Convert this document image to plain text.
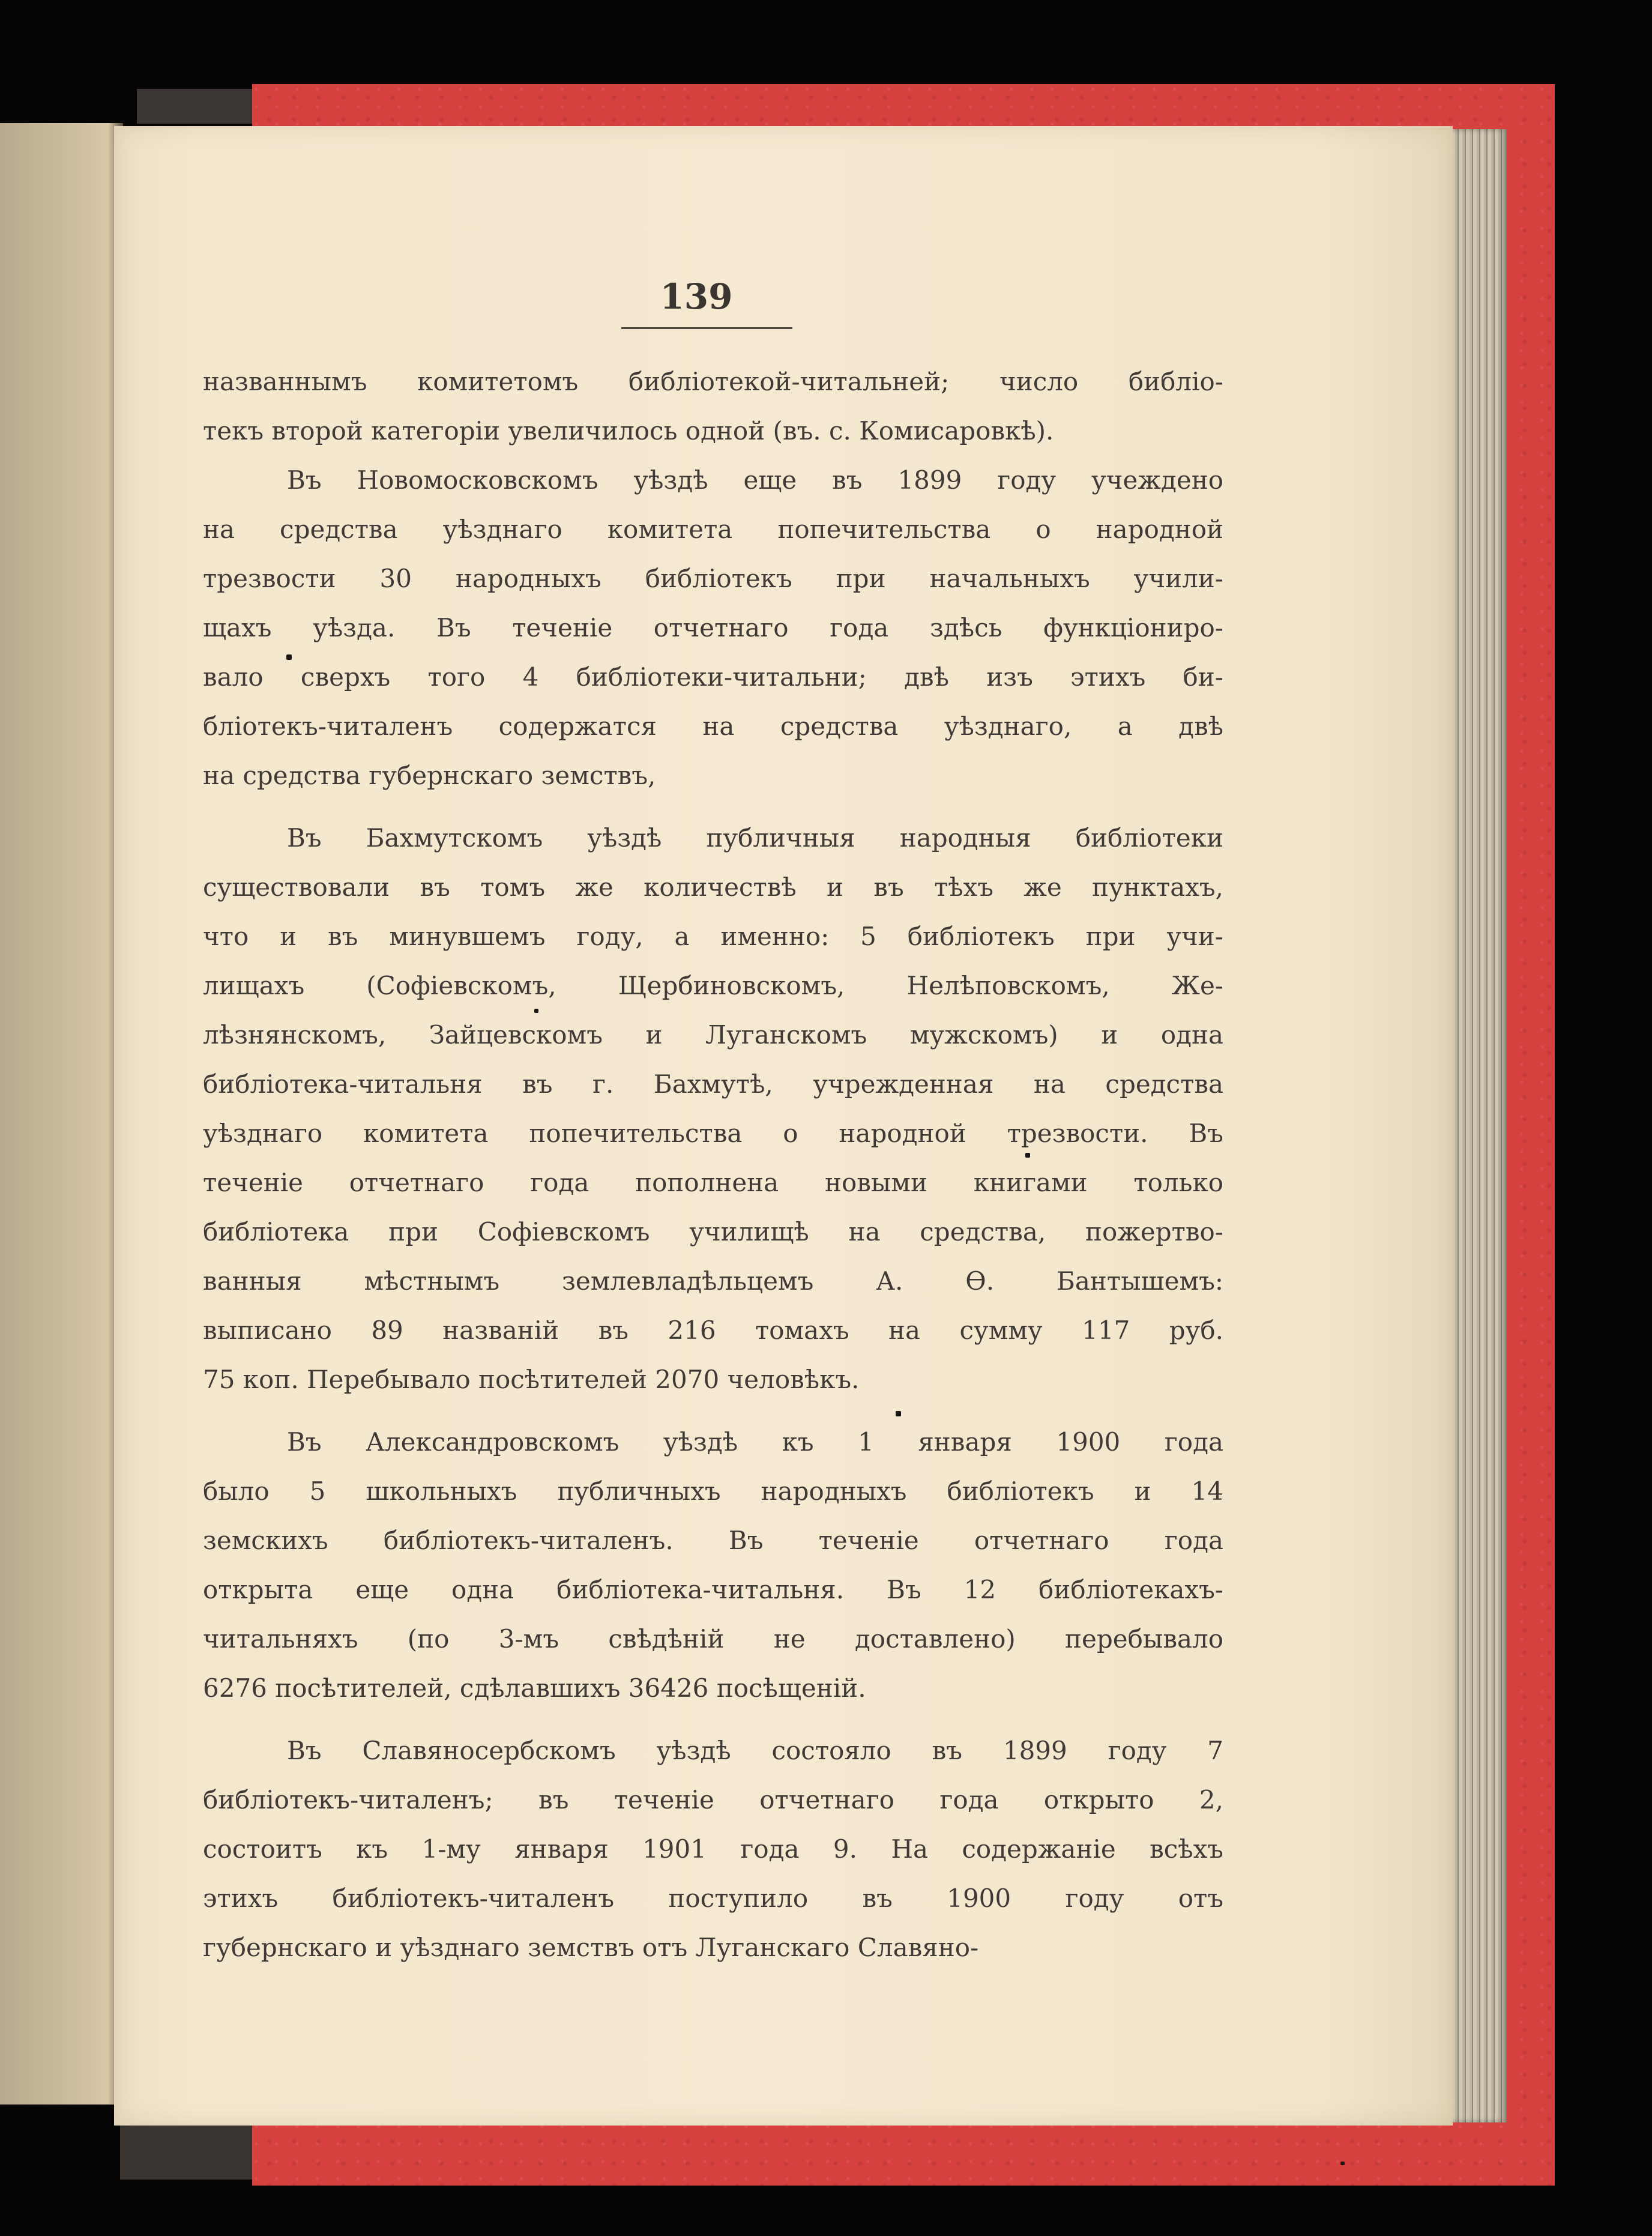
139
названнымъ комитетомъ библіотекой-читальней; число библіо-
текъ второй категоріи увеличилось одной (въ. с. Комисаровкѣ).
Въ Новомосковскомъ уѣздѣ еще въ 1899 году учеждено
на средства уѣзднаго комитета попечительства о народной
трезвости 30 народныхъ библіотекъ при начальныхъ учили-
щахъ уѣзда. Въ теченіе отчетнаго года здѣсь функціониро-
вало сверхъ того 4 библіотеки-читальни; двѣ изъ этихъ би-
бліотекъ-читаленъ содержатся на средства уѣзднаго, а двѣ
на средства губернскаго земствъ,
Въ Бахмутскомъ уѣздѣ публичныя народныя библіотеки
существовали въ томъ же количествѣ и въ тѣхъ же пунктахъ,
что и въ минувшемъ году, а именно: 5 библіотекъ при учи-
лищахъ (Софіевскомъ, Щербиновскомъ, Нелѣповскомъ, Же-
лѣзнянскомъ, Зайцевскомъ и Луганскомъ мужскомъ) и одна
библіотека-читальня въ г. Бахмутѣ, учрежденная на средства
уѣзднаго комитета попечительства о народной трезвости. Въ
теченіе отчетнаго года пополнена новыми книгами только
библіотека при Софіевскомъ училищѣ на средства, пожертво-
ванныя мѣстнымъ землевладѣльцемъ А. Ѳ. Бантышемъ:
выписано 89 названій въ 216 томахъ на сумму 117 руб.
75 коп. Перебывало посѣтителей 2070 человѣкъ.
Въ Александровскомъ уѣздѣ къ 1 января 1900 года
было 5 школьныхъ публичныхъ народныхъ библіотекъ и 14
земскихъ библіотекъ-читаленъ. Въ теченіе отчетнаго года
открыта еще одна библіотека-читальня. Въ 12 библіотекахъ-
читальняхъ (по 3-мъ свѣдѣній не доставлено) перебывало
6276 посѣтителей, сдѣлавшихъ 36426 посѣщеній.
Въ Славяносербскомъ уѣздѣ состояло въ 1899 году 7
библіотекъ-читаленъ; въ теченіе отчетнаго года открыто 2,
состоитъ къ 1-му января 1901 года 9. На содержаніе всѣхъ
этихъ библіотекъ-читаленъ поступило въ 1900 году отъ
губернскаго и уѣзднаго земствъ отъ Луганскаго Славяно-
